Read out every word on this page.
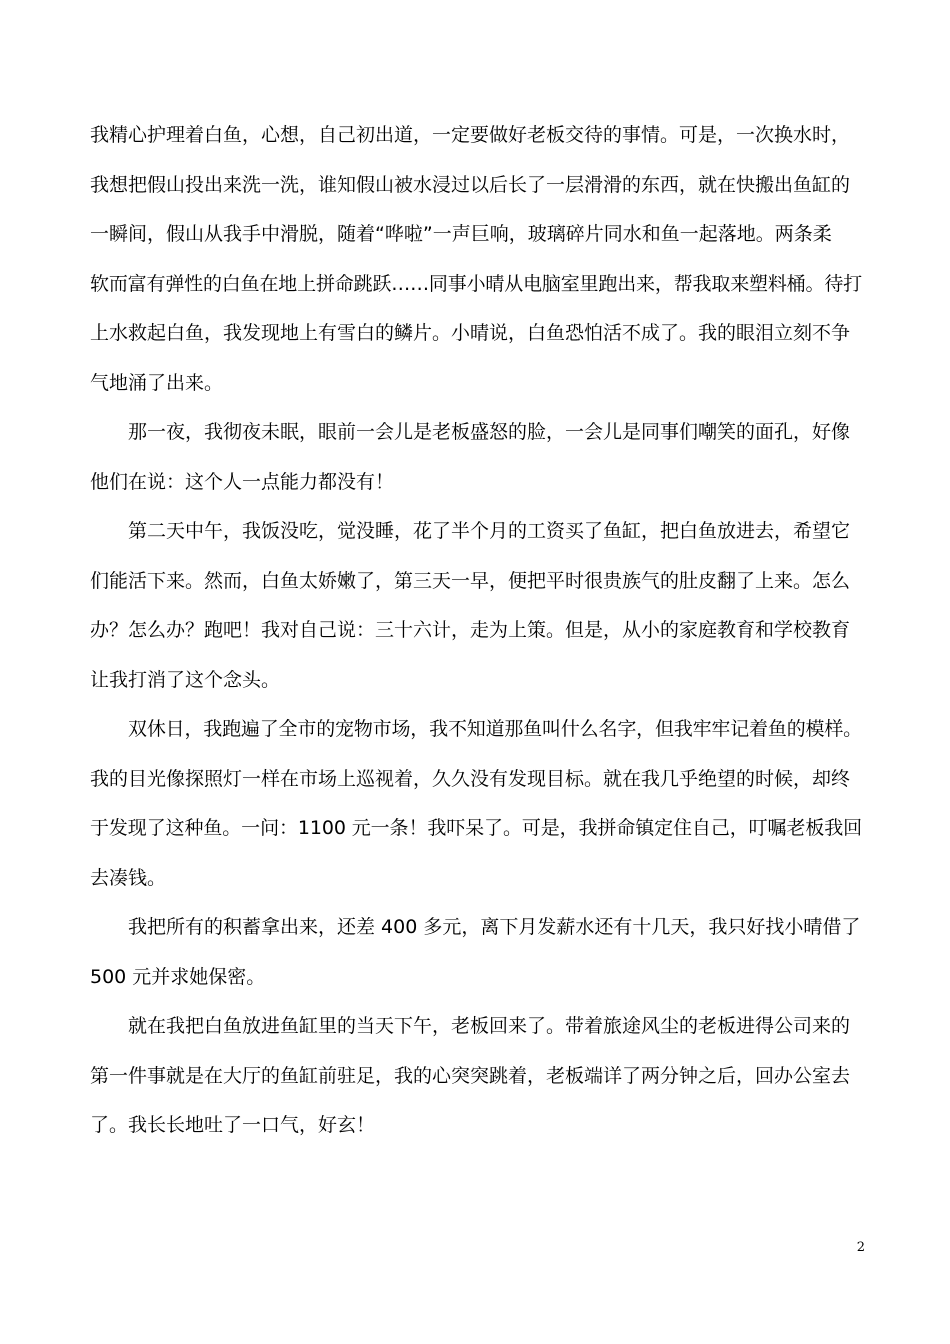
我精心护理着白鱼，心想，自己初出道，一定要做好老板交待的事情。可是，一次换水时，
我想把假山投出来洗一洗，谁知假山被水浸过以后长了一层滑滑的东西，就在快搬出鱼缸的
一瞬间，假山从我手中滑脱，随着“哗啦”一声巨响，玻璃碎片同水和鱼一起落地。两条柔
软而富有弹性的白鱼在地上拼命跳跃……同事小晴从电脑室里跑出来，帮我取来塑料桶。待打
上水救起白鱼，我发现地上有雪白的鳞片。小晴说，白鱼恐怕活不成了。我的眼泪立刻不争
气地涌了出来。
那一夜，我彻夜未眠，眼前一会儿是老板盛怒的脸，一会儿是同事们嘲笑的面孔，好像
他们在说：这个人一点能力都没有！
第二天中午，我饭没吃，觉没睡，花了半个月的工资买了鱼缸，把白鱼放进去，希望它
们能活下来。然而，白鱼太娇嫩了，第三天一早，便把平时很贵族气的肚皮翻了上来。怎么
办？怎么办？跑吧！我对自己说：三十六计，走为上策。但是，从小的家庭教育和学校教育
让我打消了这个念头。
双休日，我跑遍了全市的宠物市场，我不知道那鱼叫什么名字，但我牢牢记着鱼的模样。
我的目光像探照灯一样在市场上巡视着，久久没有发现目标。就在我几乎绝望的时候，却终
于发现了这种鱼。一问：1100 元一条！我吓呆了。可是，我拼命镇定住自己，叮嘱老板我回
去凑钱。
我把所有的积蓄拿出来，还差 400 多元，离下月发薪水还有十几天，我只好找小晴借了
500 元并求她保密。
就在我把白鱼放进鱼缸里的当天下午，老板回来了。带着旅途风尘的老板进得公司来的
第一件事就是在大厅的鱼缸前驻足，我的心突突跳着，老板端详了两分钟之后，回办公室去
了。我长长地吐了一口气，好玄！
2
